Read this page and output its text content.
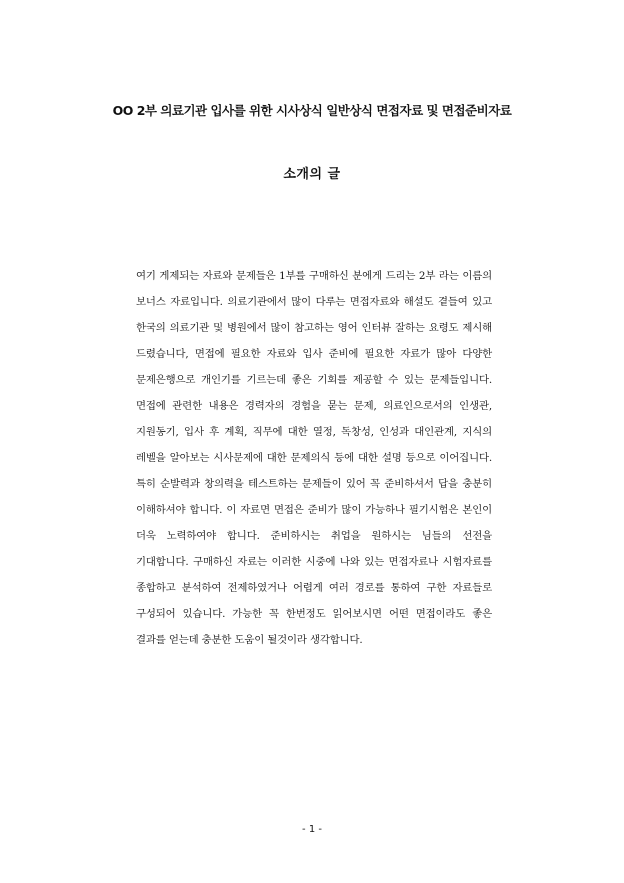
OO 2부 의료기관 입사를 위한 시사상식 일반상식 면접자료 및 면접준비자료
소개의 글

여기 게제되는 자료와 문제들은 1부를 구매하신 분에게 드리는 2부 라는 이름의 보너스 자료입니다. 의료기관에서 많이 다루는 면접자료와 해설도 곁들여 있고 한국의 의료기관 및 병원에서 많이 참고하는 영어 인터뷰 잘하는 요령도 제시해 드렸습니다, 면접에 필요한 자료와 입사 준비에 필요한 자료가 많아 다양한 문제은행으로 개인기를 기르는데 좋은 기회를 제공할 수 있는 문제들입니다. 면접에 관련한 내용은 경력자의 경험을 묻는 문제, 의료인으로서의 인생관, 지원동기, 입사 후 계획, 직무에 대한 열정, 독창성, 인성과 대인관계, 지식의 레벨을 알아보는 시사문제에 대한 문제의식 등에 대한 설명 등으로 이어집니다. 특히 순발력과 창의력을 테스트하는 문제들이 있어 꼭 준비하셔서 답을 충분히 이해하셔야 합니다. 이 자료면 면접은 준비가 많이 가능하나 필기시험은 본인이 더욱 노력하여야 합니다. 준비하시는 취업을 원하시는 님들의 선전을 기대합니다. 구매하신 자료는 이러한 시중에 나와 있는 면접자료나 시험자료를 종합하고 분석하여 전제하였거나 어렵게 여러 경로를 통하여 구한 자료들로 구성되어 있습니다. 가능한 꼭 한번정도 읽어보시면 어떤 면접이라도 좋은 결과를 얻는데 충분한 도움이 될것이라 생각합니다.

- 1 -
